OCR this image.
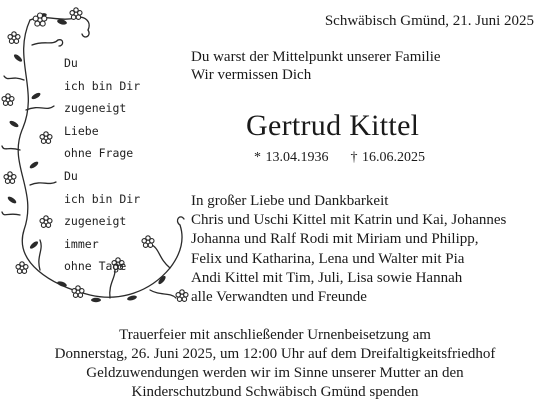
Du
ich bin Dir
zugeneigt
Liebe
ohne Frage
Du
ich bin Dir
zugeneigt
immer
ohne Tage
Schwäbisch Gmünd, 21. Juni 2025
Du warst der Mittelpunkt unserer Familie
Wir vermissen Dich
Gertrud Kittel
* 13.04.1936 † 16.06.2025
In großer Liebe und Dankbarkeit
Chris und Uschi Kittel mit Katrin und Kai, Johannes
Johanna und Ralf Rodi mit Miriam und Philipp,
Felix und Katharina, Lena und Walter mit Pia
Andi Kittel mit Tim, Juli, Lisa sowie Hannah
alle Verwandten und Freunde
Trauerfeier mit anschließender Urnenbeisetzung am
Donnerstag, 26. Juni 2025, um 12:00 Uhr auf dem Dreifaltigkeitsfriedhof
Geldzuwendungen werden wir im Sinne unserer Mutter an den
Kinderschutzbund Schwäbisch Gmünd spenden
